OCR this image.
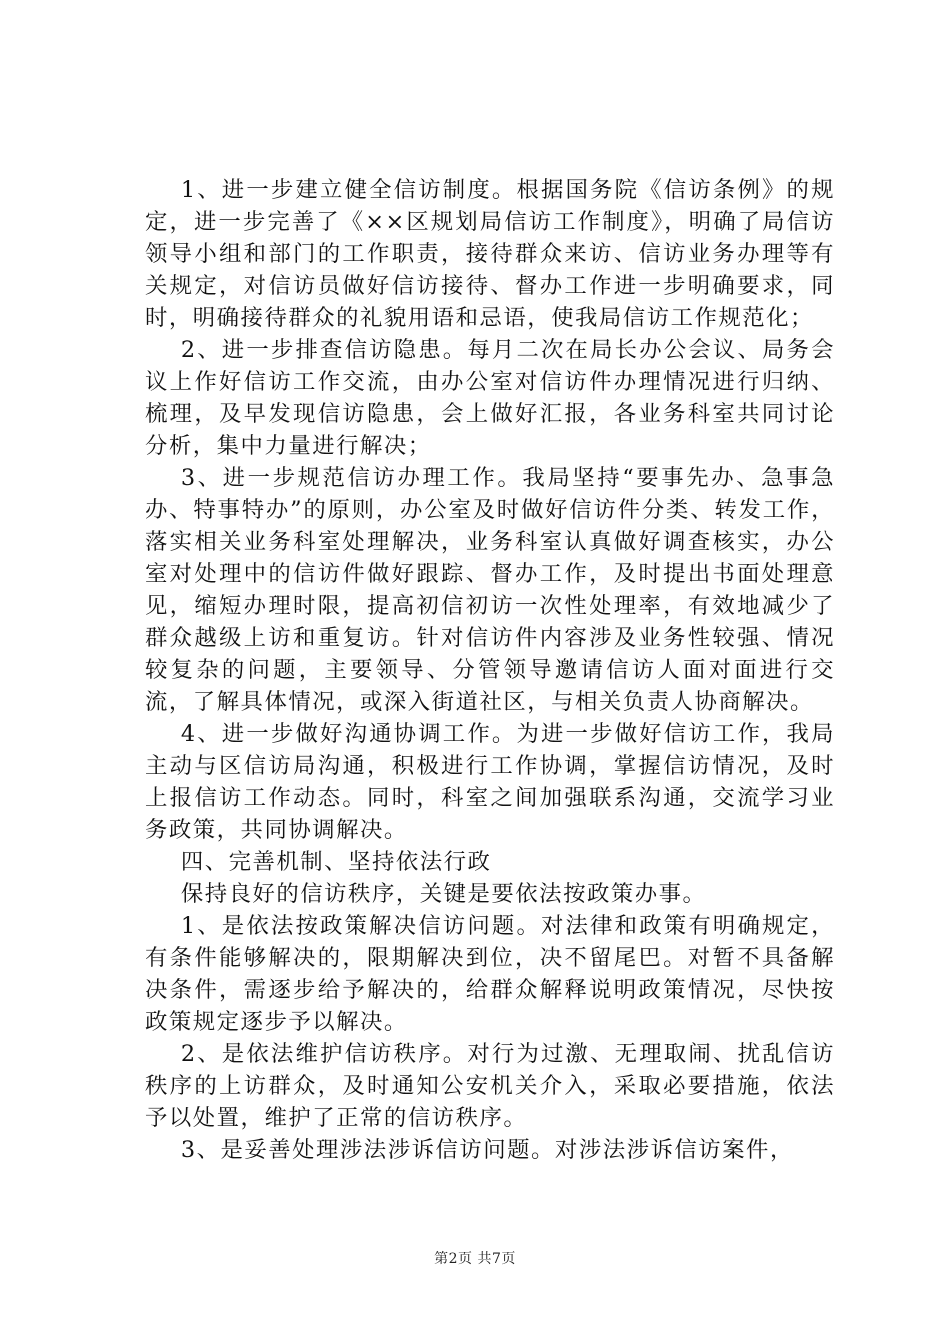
1、进一步建立健全信访制度。根据国务院《信访条例》的规定，进一步完善了《××区规划局信访工作制度》，明确了局信访领导小组和部门的工作职责，接待群众来访、信访业务办理等有关规定，对信访员做好信访接待、督办工作进一步明确要求，同时，明确接待群众的礼貌用语和忌语，使我局信访工作规范化；

2、进一步排查信访隐患。每月二次在局长办公会议、局务会议上作好信访工作交流，由办公室对信访件办理情况进行归纳、梳理，及早发现信访隐患，会上做好汇报，各业务科室共同讨论分析，集中力量进行解决；

3、进一步规范信访办理工作。我局坚持“要事先办、急事急办、特事特办”的原则，办公室及时做好信访件分类、转发工作，落实相关业务科室处理解决，业务科室认真做好调查核实，办公室对处理中的信访件做好跟踪、督办工作，及时提出书面处理意见，缩短办理时限，提高初信初访一次性处理率，有效地减少了群众越级上访和重复访。针对信访件内容涉及业务性较强、情况较复杂的问题，主要领导、分管领导邀请信访人面对面进行交流，了解具体情况，或深入街道社区，与相关负责人协商解决。

4、进一步做好沟通协调工作。为进一步做好信访工作，我局主动与区信访局沟通，积极进行工作协调，掌握信访情况，及时上报信访工作动态。同时，科室之间加强联系沟通，交流学习业务政策，共同协调解决。

四、完善机制、坚持依法行政

保持良好的信访秩序，关键是要依法按政策办事。

1、是依法按政策解决信访问题。对法律和政策有明确规定，有条件能够解决的，限期解决到位，决不留尾巴。对暂不具备解决条件，需逐步给予解决的，给群众解释说明政策情况，尽快按政策规定逐步予以解决。

2、是依法维护信访秩序。对行为过激、无理取闹、扰乱信访秩序的上访群众，及时通知公安机关介入，采取必要措施，依法予以处置，维护了正常的信访秩序。

3、是妥善处理涉法涉诉信访问题。对涉法涉诉信访案件，

第2页 共7页
